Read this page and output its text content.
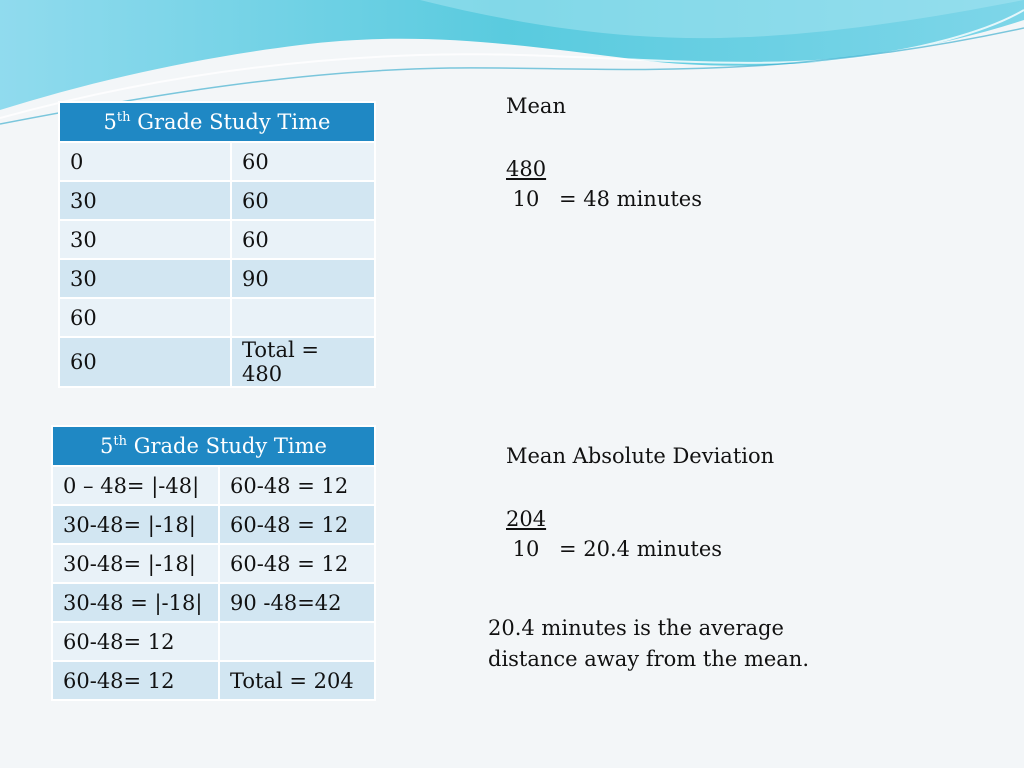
5th Grade Study Time	
0	60
30	60
30	60
30	90
60	
60	Total = 480
5th Grade Study Time	
0 – 48= |-48|	60-48 = 12
30-48= |-18|	60-48 = 12
30-48= |-18|	60-48 = 12
30-48 = |-18|	90 -48=42
60-48= 12	
60-48= 12	Total = 204
Mean
480
10 = 48 minutes
Mean Absolute Deviation
204
10 = 20.4 minutes
20.4 minutes is the average
distance away from the mean.
